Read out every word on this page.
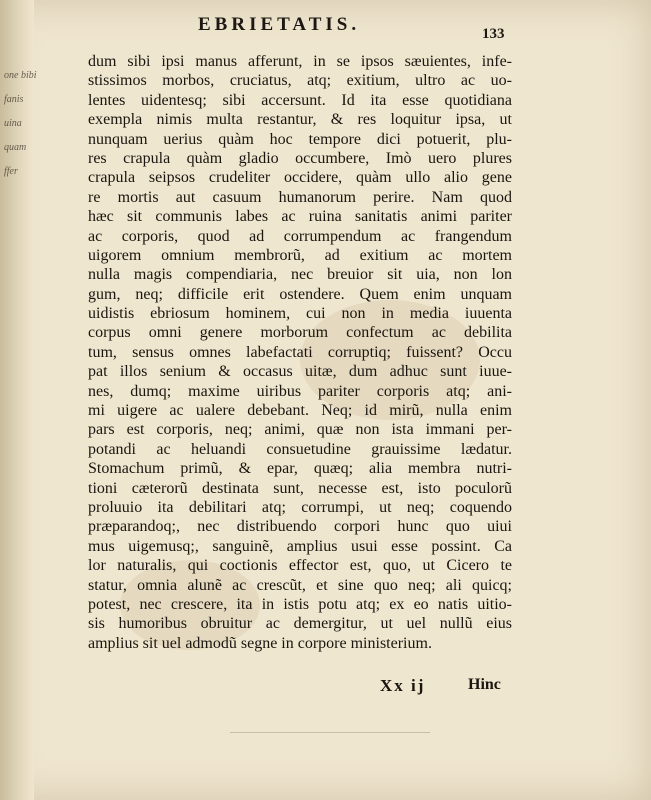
one bibi
fanis
uina
quam
ffer
EBRIETATIS.	133
dum sibi ipsi manus afferunt, in se ipsos sæuientes, infe-
stissimos morbos, cruciatus, atq; exitium, ultro ac uo-
lentes uidentesq; sibi accersunt. Id ita esse quotidiana
exempla nimis multa restantur, & res loquitur ipsa, ut
nunquam uerius quàm hoc tempore dici potuerit, plu-
res crapula quàm gladio occumbere, Imò uero plures
crapula seipsos crudeliter occidere, quàm ullo alio gene
re mortis aut casuum humanorum perire. Nam quod
hæc sit communis labes ac ruina sanitatis animi pariter
ac corporis, quod ad corrumpendum ac frangendum
uigorem omnium membrorũ, ad exitium ac mortem
nulla magis compendiaria, nec breuior sit uia, non lon
gum, neq; difficile erit ostendere. Quem enim unquam
uidistis ebriosum hominem, cui non in media iuuenta
corpus omni genere morborum confectum ac debilita
tum, sensus omnes labefactati corruptiq; fuissent? Occu
pat illos senium & occasus uitæ, dum adhuc sunt iuue-
nes, dumq; maxime uiribus pariter corporis atq; ani-
mi uigere ac ualere debebant. Neq; id mirũ, nulla enim
pars est corporis, neq; animi, quæ non ista immani per-
potandi ac heluandi consuetudine grauissime lædatur.
Stomachum primũ, & epar, quæq; alia membra nutri-
tioni cæterorũ destinata sunt, necesse est, isto poculorũ
proluuio ita debilitari atq; corrumpi, ut neq; coquendo
præparandoq;, nec distribuendo corpori hunc quo uiui
mus uigemusq;, sanguinẽ, amplius usui esse possint. Ca
lor naturalis, qui coctionis effector est, quo, ut Cicero te
statur, omnia alunẽ ac crescũt, et sine quo neq; ali quicq;
potest, nec crescere, ita in istis potu atq; ex eo natis uitio-
sis humoribus obruitur ac demergitur, ut uel nullũ eius
amplius sit uel admodũ segne in corpore ministerium.
Xx ij	Hinc
